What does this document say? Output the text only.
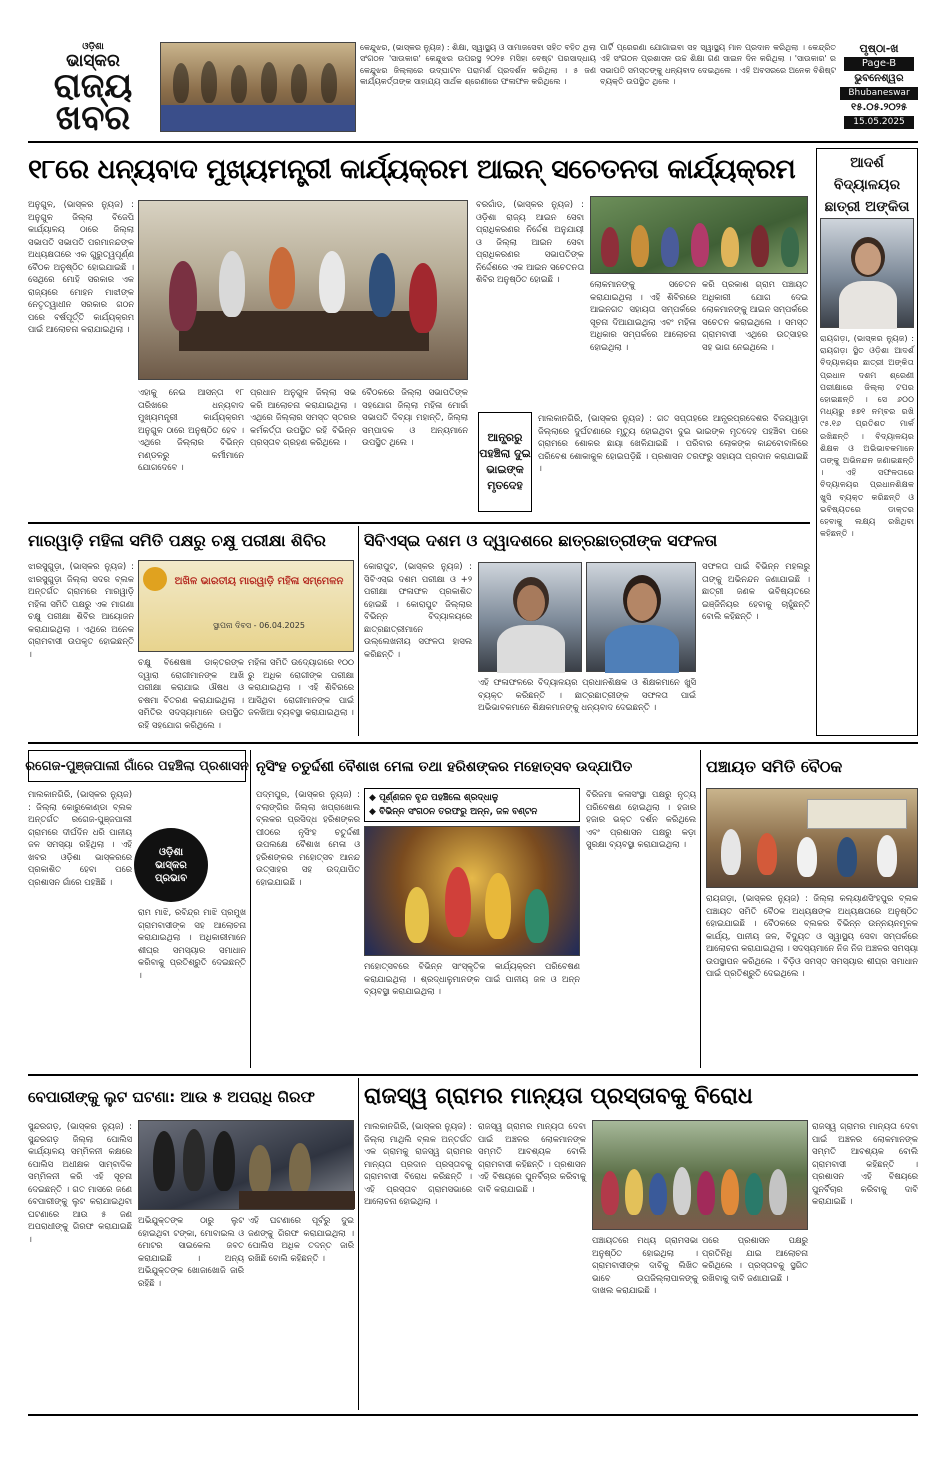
ଓଡ଼ିଶା
ଭାସ୍କର
ରାଜ୍ୟ
ଖବର
କେନ୍ଦୁଝର, (ଭାସ୍କର ନ୍ୟୁଜ) : ଶିକ୍ଷା, ସ୍ୱାସ୍ଥ୍ୟ ଓ ସାମାଜସେବା ସହିତ ବହିତ ଥିଲା ସଂଗଠନ 'ସାଉକାର' କେନ୍ଦୁଝର ଉପରସ୍ଥ ୨୦୨୫ ମସିହା ବେଷ୍ଟ ପରସାଦ୍ଧାୟ କେନ୍ଦୁଝର ଜିଲ୍ଲାରେ ଉଦ୍‌ଘାଟନ ପରାମର୍ଶ ପ୍ରଦର୍ଶନ କରିଥିଲା । ୫ ଜଣ କାର୍ଯ୍ୟକର୍ତ୍ତାଙ୍କ ସାହାଯ୍ୟ ସାର୍ଥକ ଶ୍ରେଣୀରେ ଫଳାଫଳ କରିଥିଲେ ।
ପାର୍ଟି ପ୍ରେରଣା ଯୋଗାଇବା ସହ ସ୍ୱାସ୍ଥ୍ୟ ମାନ ପ୍ରଦାନ କରିଥିଲା । କେନ୍ଦ୍ରିତ ଏହି ସଂଗଠନ ପ୍ରଶାସନ ଉଚ୍ଚ ଶିକ୍ଷା ଗଣ ସାଇନ ଦିନ କରିଥିଲା । 'ସାଉକାର' ର ସଭାପତି ସମସ୍ତଙ୍କୁ ଧନ୍ୟବାଦ ଦେଇଥିଲେ । ଏହି ଅବସରରେ ଅନେକ ବିଶିଷ୍ଟ ବ୍ୟକ୍ତି ଉପସ୍ଥିତ ଥିଲେ ।
ପୃଷ୍ଠା-ଖ
Page-B
ଭୁବନେଶ୍ୱର
Bhubaneswar
୧୫.୦୫.୨୦୨୫
15.05.2025
୧୮ରେ ଧନ୍ୟବାଦ ମୁଖ୍ୟମନ୍ତ୍ରୀ କାର୍ଯ୍ୟକ୍ରମ ଆଇନ୍ ସଚେତନତା କାର୍ଯ୍ୟକ୍ରମ	ଆଦର୍ଶ ବିଦ୍ୟାଳୟର ଛାତ୍ରୀ ଅଙ୍କିତା
ରାୟଗଡ଼ା, (ଭାସ୍କର ନ୍ୟୁଜ) : ରାୟଗଡ଼ା ସ୍ଥିତ ଓଡ଼ିଶା ଆଦର୍ଶ ବିଦ୍ୟାଳୟର ଛାତ୍ରୀ ଅଙ୍କିତା ପ୍ରଧାନ ଦଶମ ଶ୍ରେଣୀ ପରୀକ୍ଷାରେ ଜିଲ୍ଲା ଟପର ହୋଇଛନ୍ତି । ସେ ୬୦୦ ମଧ୍ୟରୁ ୫୭୧ ନମ୍ବର ରଖି ୯୫.୧୬ ପ୍ରତିଶତ ମାର୍କ ରଖିଛନ୍ତି । ବିଦ୍ୟାଳୟର ଶିକ୍ଷକ ଓ ଅଭିଭାବକମାନେ ତାଙ୍କୁ ଅଭିନନ୍ଦନ ଜଣାଇଛନ୍ତି । ଏହି ସଫଳତାରେ ବିଦ୍ୟାଳୟର ପ୍ରଧାନଶିକ୍ଷକ ଖୁସି ବ୍ୟକ୍ତ କରିଛନ୍ତି ଓ ଭବିଷ୍ୟତରେ ଡାକ୍ତର ହେବାକୁ ଲକ୍ଷ୍ୟ ରଖିଥିବା କହିଛନ୍ତି ।
ଅନୁଗୁଳ, (ଭାସ୍କର ନ୍ୟୁଜ) : ଅନୁଗୁଳ ଜିଲ୍ଲା ବିଜେପି କାର୍ଯ୍ୟାଳୟ ଠାରେ ଜିଲ୍ଲା ସଭାପତି ସଭାପତି ପରମାନନ୍ଦଙ୍କ ଅଧ୍ୟକ୍ଷତାରେ ଏକ ଗୁରୁତ୍ୱପୂର୍ଣ୍ଣ ବୈଠକ ଅନୁଷ୍ଠିତ ହୋଇଯାଇଛି । ସେଥିରେ ମୋହି ସରକାର ଏକ ରାଜ୍ୟରେ ମୋହନ ମାଝୀଙ୍କ ନେତୃତ୍ୱାଧୀନ ସରକାର ଗଠନ ପରେ ବର୍ଷପୂର୍ତ୍ତି କାର୍ଯ୍ୟକ୍ରମ ପାଇଁ ଆଲୋଚନା କରାଯାଇଥିଲା ।
ଏହାକୁ ନେଇ ଆସନ୍ତା ୧୮ ତାରିଖରେ ଧନ୍ୟବାଦ ମୁଖ୍ୟମନ୍ତ୍ରୀ କାର୍ଯ୍ୟକ୍ରମ ଅନୁଗୁଳ ଠାରେ ଅନୁଷ୍ଠିତ ହେବ । ଏଥିରେ ଜିଲ୍ଲାର ବିଭିନ୍ନ ମଣ୍ଡଳରୁ କର୍ମୀମାନେ ଯୋଗଦେବେ ।
ପ୍ରଧାନ ଅନୁଗୁଳ ଜିଲ୍ଲା ସଭ କରି ଆଲୋଚନା କରାଯାଇଥିଲା । ଏଥିରେ ଜିଲ୍ଲାର ସମସ୍ତ ସ୍ତରର କର୍ମକର୍ତ୍ତା ଉପସ୍ଥିତ ରହି ବିଭିନ୍ନ ପ୍ରସ୍ତାବ ଗ୍ରହଣ କରିଥିଲେ ।
ବୈଠକରେ ଜିଲ୍ଲା ସଭାପତିଙ୍କ ସହଯୋଗ ଜିଲ୍ଲା ମହିଳା ମୋର୍ଚ୍ଚା ସଭାପତି ଦିବ୍ୟା ମହାନ୍ତି, ଜିଲ୍ଲା ସମ୍ପାଦକ ଓ ଅନ୍ୟମାନେ ଉପସ୍ଥିତ ଥିଲେ ।
ବରଗାଁଡ, (ଭାସ୍କର ନ୍ୟୁଜ) : ଓଡ଼ିଶା ରାଜ୍ୟ ଆଇନ ସେବା ପ୍ରାଧିକରଣର ନିର୍ଦ୍ଦେଶ ଅନୁଯାୟୀ ଓ ଜିଲ୍ଲା ଆଇନ ସେବା ପ୍ରାଧିକରଣର ସଭାପତିଙ୍କ ନିର୍ଦ୍ଦେଶରେ ଏକ ଆଇନ ସଚେତନତା ଶିବିର ଅନୁଷ୍ଠିତ ହୋଇଛି ।	ଲୋକମାନଙ୍କୁ ସଚେତନ କରାଯାଇଥିଲା । ଏହି ଶିବିରରେ ଆଇନଗତ ସହାୟତା ସମ୍ପର୍କରେ ସୂଚନା ଦିଆଯାଇଥିଲା ଏବଂ ମହିଳା ଅଧିକାର ସମ୍ପର୍କରେ ଆଲୋଚନା ହୋଇଥିଲା ।
କରି ପ୍ରକାଶ ଗ୍ରାମ ପଞ୍ଚାୟତ ଅଧିକାରୀ ଯୋଗ ଦେଇ ଲୋକମାନଙ୍କୁ ଆଇନ ସମ୍ପର୍କରେ ସଚେତନ କରାଇଥିଲେ । ସମସ୍ତ ଗ୍ରାମବାସୀ ଏଥିରେ ଉତ୍ସାହର ସହ ଭାଗ ନେଇଥିଲେ ।
ଆନ୍ଧ୍ରରୁ ପହଞ୍ଚିଲା ଦୁଇ ଭାଇଙ୍କ ମୃତଦେହ
ମାଲକାନଗିରି, (ଭାସ୍କର ନ୍ୟୁଜ) : ଗତ ସପ୍ତାହରେ ଆନ୍ଧ୍ରପ୍ରଦେଶର ବିଜୟୱାଡ଼ା ଜିଲ୍ଲାରେ ଦୁର୍ଘଟଣାରେ ମୃତ୍ୟୁ ହୋଇଥିବା ଦୁଇ ଭାଇଙ୍କ ମୃତଦେହ ପହଞ୍ଚିବା ପରେ ଗ୍ରାମରେ ଶୋକର ଛାୟା ଖେଳିଯାଇଛି । ପରିବାର ଲୋକଙ୍କ କାନ୍ଦବୋବାଳିରେ ପରିବେଶ ଶୋକାକୁଳ ହୋଇପଡ଼ିଛି । ପ୍ରଶାସନ ତରଫରୁ ସହାୟତା ପ୍ରଦାନ କରାଯାଇଛି ।
ମାରୱାଡ଼ି ମହିଳା ସମିତି ପକ୍ଷରୁ ଚକ୍ଷୁ ପରୀକ୍ଷା ଶିବିର
ଝାରସୁଗୁଡ଼ା, (ଭାସ୍କର ନ୍ୟୁଜ) : ଝାରସୁଗୁଡ଼ା ଜିଲ୍ଲା ସଦର ବ୍ଲକ ଅନ୍ତର୍ଗତ ଗ୍ରାମରେ ମାରୱାଡ଼ି ମହିଳା ସମିତି ପକ୍ଷରୁ ଏକ ମାଗଣା ଚକ୍ଷୁ ପରୀକ୍ଷା ଶିବିର ଆୟୋଜନ କରାଯାଇଥିଲା । ଏଥିରେ ଅନେକ ଗ୍ରାମବାସୀ ଉପକୃତ ହୋଇଛନ୍ତି ।
ଅଖିଳ ଭାରତୀୟ ମାରୱାଡ଼ି ମହିଳା ସମ୍ମେଳନ
ସ୍ଥାପନା ଦିବସ - 06.04.2025
ଚକ୍ଷୁ ବିଶେଷଜ୍ଞ ଡାକ୍ତରଙ୍କ ଦ୍ୱାରା ରୋଗୀମାନଙ୍କ ଆଖି ପରୀକ୍ଷା କରାଯାଇ ଔଷଧ ଓ ଚଷମା ବିତରଣ କରାଯାଇଥିଲା । ସମିତିର ସଦସ୍ୟାମାନେ ଉପସ୍ଥିତ ରହି ସହଯୋଗ କରିଥିଲେ ।
ମହିଳା ସମିତି ଉଦ୍ୟୋଗରେ ୧୦୦ ରୁ ଅଧିକ ରୋଗୀଙ୍କ ପରୀକ୍ଷା କରାଯାଇଥିଲା । ଏହି ଶିବିରରେ ଆସିଥିବା ରୋଗୀମାନଙ୍କ ପାଇଁ ଜଳଖିଆ ବ୍ୟବସ୍ଥା କରାଯାଇଥିଲା ।
ସିବିଏସ୍‌ଇ ଦଶମ ଓ ଦ୍ୱାଦଶରେ ଛାତ୍ରଛାତ୍ରୀଙ୍କ ସଫଳତା
କୋରାପୁଟ, (ଭାସ୍କର ନ୍ୟୁଜ) : ସିବିଏସ୍‌ଇ ଦଶମ ପରୀକ୍ଷା ଓ +୨ ପରୀକ୍ଷା ଫଳାଫଳ ପ୍ରକାଶିତ ହୋଇଛି । କୋରାପୁଟ ଜିଲ୍ଲାର ବିଭିନ୍ନ ବିଦ୍ୟାଳୟରେ ଛାତ୍ରଛାତ୍ରୀମାନେ ଉଲ୍ଲେଖନୀୟ ସଫଳତା ହାସଲ କରିଛନ୍ତି ।
ଏହି ଫଳାଫଳରେ ବିଦ୍ୟାଳୟର ପ୍ରଧାନଶିକ୍ଷକ ଓ ଶିକ୍ଷକମାନେ ଖୁସି ବ୍ୟକ୍ତ କରିଛନ୍ତି । ଛାତ୍ରଛାତ୍ରୀଙ୍କ ସଫଳତା ପାଇଁ ଅଭିଭାବକମାନେ ଶିକ୍ଷକମାନଙ୍କୁ ଧନ୍ୟବାଦ ଦେଇଛନ୍ତି ।
ସଫଳତା ପାଇଁ ବିଭିନ୍ନ ମହଲରୁ ତାଙ୍କୁ ଅଭିନନ୍ଦନ ଜଣାଯାଇଛି । ଛାତ୍ରୀ ଜଣକ ଭବିଷ୍ୟତରେ ଇଞ୍ଜିନିୟର ହେବାକୁ ଚାହୁଁଛନ୍ତି ବୋଲି କହିଛନ୍ତି ।
ରଗେଜ-ପୁଞ୍ଜପାଲୀ ଗାଁରେ ପହଞ୍ଚିଲା ପ୍ରଶାସନ
ମାଲକାନଗିରି, (ଭାସ୍କର ନ୍ୟୁଜ) : ଜିଲ୍ଲା କୋରୁକୋଣ୍ଡା ବ୍ଲକ ଅନ୍ତର୍ଗତ ରଗେଜ-ପୁଞ୍ଜପାଲୀ ଗ୍ରାମରେ ଦୀର୍ଘଦିନ ଧରି ପାନୀୟ ଜଳ ସମସ୍ୟା ରହିଥିଲା । ଏହି ଖବର ଓଡ଼ିଶା ଭାସ୍କରରେ ପ୍ରକାଶିତ ହେବା ପରେ ପ୍ରଶାସନ ଗାଁରେ ପହଞ୍ଚିଛି ।
ଓଡ଼ିଶା
ଭାସ୍କର
ପ୍ରଭାବ
ରାମ ମାଝି, ରବିନ୍ଦ୍ର ମାଝି ପ୍ରମୁଖ ଗ୍ରାମବାସୀଙ୍କ ସହ ଆଲୋଚନା କରାଯାଇଥିଲା । ଅଧିକାରୀମାନେ ଶୀଘ୍ର ସମସ୍ୟାର ସମାଧାନ କରିବାକୁ ପ୍ରତିଶ୍ରୁତି ଦେଇଛନ୍ତି ।
ନୃସିଂହ ଚତୁର୍ଦ୍ଦଶୀ ବୈଶାଖ ମେଳା ତଥା ହରିଶଙ୍କର ମହୋତ୍ସବ ଉଦ୍‌ଯାପିତ
ପଦ୍ମପୁର, (ଭାସ୍କର ନ୍ୟୁଜ) : ବଲାଙ୍ଗିର ଜିଲ୍ଲା ଖପ୍ରାଖୋଲ ବ୍ଲକର ପ୍ରସିଦ୍ଧ ହରିଶଙ୍କର ପୀଠରେ ନୃସିଂହ ଚତୁର୍ଦ୍ଦଶୀ ଉପଲକ୍ଷେ ବୈଶାଖ ମେଳା ଓ ହରିଶଙ୍କର ମହୋତ୍ସବ ଆନନ୍ଦ ଉତ୍ସାହର ସହ ଉଦ୍‌ଯାପିତ ହୋଇଯାଇଛି ।
◆ ପୂର୍ଣ୍ଣଜନ ବୃନ୍ଦ ପହଞ୍ଚିଲେ ଶ୍ରଦ୍ଧାଳୁ
◆ ବିଭିନ୍ନ ସଂଗଠନ ତରଫରୁ ଅନ୍ନ, ଜଳ ବଣ୍ଟନ
ମହୋତ୍ସବରେ ବିଭିନ୍ନ ସାଂସ୍କୃତିକ କାର୍ଯ୍ୟକ୍ରମ ପରିବେଷଣ କରାଯାଇଥିଲା । ଶ୍ରଦ୍ଧାଳୁମାନଙ୍କ ପାଇଁ ପାନୀୟ ଜଳ ଓ ଅନ୍ନ ବ୍ୟବସ୍ଥା କରାଯାଇଥିଲା ।
ବିରିଜମା କଳାସଂସ୍ଥା ପକ୍ଷରୁ ନୃତ୍ୟ ପରିବେଷଣ ହୋଇଥିଲା । ହଜାର ହଜାର ଭକ୍ତ ଦର୍ଶନ କରିଥିଲେ ଏବଂ ପ୍ରଶାସନ ପକ୍ଷରୁ କଡ଼ା ସୁରକ୍ଷା ବ୍ୟବସ୍ଥା କରାଯାଇଥିଲା ।
ପଞ୍ଚାୟତ ସମିତି ବୈଠକ
ରାୟଗଡ଼ା, (ଭାସ୍କର ନ୍ୟୁଜ) : ଜିଲ୍ଲା କଲ୍ୟାଣସିଂହପୁର ବ୍ଲକ ପଞ୍ଚାୟତ ସମିତି ବୈଠକ ଅଧ୍ୟକ୍ଷଙ୍କ ଅଧ୍ୟକ୍ଷତାରେ ଅନୁଷ୍ଠିତ ହୋଇଯାଇଛି । ବୈଠକରେ ବ୍ଲକର ବିଭିନ୍ନ ଉନ୍ନୟନମୂଳକ କାର୍ଯ୍ୟ, ପାନୀୟ ଜଳ, ବିଦ୍ୟୁତ ଓ ସ୍ୱାସ୍ଥ୍ୟ ସେବା ସମ୍ପର୍କରେ ଆଲୋଚନା କରାଯାଇଥିଲା । ସଦସ୍ୟମାନେ ନିଜ ନିଜ ଅଞ୍ଚଳର ସମସ୍ୟା ଉପସ୍ଥାପନ କରିଥିଲେ । ବିଡ଼ିଓ ସମସ୍ତ ସମସ୍ୟାର ଶୀଘ୍ର ସମାଧାନ ପାଇଁ ପ୍ରତିଶ୍ରୁତି ଦେଇଥିଲେ ।
ବେପାରୀଙ୍କୁ ଲୁଟ ଘଟଣା: ଆଉ ୫ ଅପରାଧି ଗିରଫ
ସୁନ୍ଦରଗଡ଼, (ଭାସ୍କର ନ୍ୟୁଜ) : ସୁନ୍ଦରଗଡ଼ ଜିଲ୍ଲା ପୋଲିସ କାର୍ଯ୍ୟାଳୟ ସମ୍ମିଳନୀ କକ୍ଷରେ ପୋଲିସ ଅଧୀକ୍ଷକ ସାମ୍ବାଦିକ ସମ୍ମିଳନୀ କରି ଏହି ସୂଚନା ଦେଇଛନ୍ତି । ଗତ ମାସରେ ଜଣେ ବେପାରୀଙ୍କୁ ଲୁଟ କରାଯାଇଥିବା ଘଟଣାରେ ଆଉ ୫ ଜଣ ଅପରାଧୀଙ୍କୁ ଗିରଫ କରାଯାଇଛି ।
ଅଭିଯୁକ୍ତଙ୍କ ଠାରୁ ଲୁଟ ହୋଇଥିବା ଟଙ୍କା, ମୋବାଇଲ ଓ ମୋଟର ସାଇକେଲ ଜବତ କରାଯାଇଛି । ଅନ୍ୟ ଅଭିଯୁକ୍ତଙ୍କ ଖୋଜାଖୋଜି ଜାରି ରହିଛି ।
ଏହି ଘଟଣାରେ ପୂର୍ବରୁ ଦୁଇ ଜଣଙ୍କୁ ଗିରଫ କରାଯାଇଥିଲା । ପୋଲିସ ଅଧିକ ତଦନ୍ତ ଜାରି ରଖିଛି ବୋଲି କହିଛନ୍ତି ।
ରାଜସ୍ୱ ଗ୍ରାମର ମାନ୍ୟତା ପ୍ରସ୍ତାବକୁ ବିରୋଧ
ମାଲକାନଗିରି, (ଭାସ୍କର ନ୍ୟୁଜ) : ଜିଲ୍ଲା ମାଥିଲି ବ୍ଲକ ଅନ୍ତର୍ଗତ ଏକ ଗ୍ରାମକୁ ରାଜସ୍ୱ ଗ୍ରାମର ମାନ୍ୟତା ପ୍ରଦାନ ପ୍ରସ୍ତାବକୁ ଗ୍ରାମବାସୀ ବିରୋଧ କରିଛନ୍ତି । ଏହି ପ୍ରସ୍ତାବ ଗ୍ରାମସଭାରେ ଆଲୋଚନା ହୋଇଥିଲା ।
ରାଜସ୍ୱ ଗ୍ରାମର ମାନ୍ୟତା ଦେବା ପାଇଁ ଅଞ୍ଚଳର ଲୋକମାନଙ୍କ ସମ୍ମତି ଆବଶ୍ୟକ ବୋଲି ଗ୍ରାମବାସୀ କହିଛନ୍ତି । ପ୍ରଶାସନ ଏହି ବିଷୟରେ ପୁନର୍ବିଚାର କରିବାକୁ ଦାବି କରାଯାଇଛି ।
ପଞ୍ଚାୟତରେ ମଧ୍ୟ ଗ୍ରାମସଭା ଅନୁଷ୍ଠିତ ହୋଇଥିଲା । ଗ୍ରାମବାସୀଙ୍କ ଦାବିକୁ ଲିଖିତ ଭାବେ ଉପଜିଲ୍ଲାପାଳଙ୍କୁ ଦାଖଲ କରାଯାଇଛି ।
ପରେ ପ୍ରଶାସନ ପକ୍ଷରୁ ପ୍ରତିନିଧି ଯାଇ ଆଲୋଚନା କରିଥିଲେ । ପ୍ରସ୍ତାବକୁ ସ୍ଥଗିତ ରଖିବାକୁ ଦାବି ଜଣାଯାଇଛି ।
ରାଜସ୍ୱ ଗ୍ରାମର ମାନ୍ୟତା ଦେବା ପାଇଁ ଅଞ୍ଚଳର ଲୋକମାନଙ୍କ ସମ୍ମତି ଆବଶ୍ୟକ ବୋଲି ଗ୍ରାମବାସୀ କହିଛନ୍ତି । ପ୍ରଶାସନ ଏହି ବିଷୟରେ ପୁନର୍ବିଚାର କରିବାକୁ ଦାବି କରାଯାଇଛି ।
